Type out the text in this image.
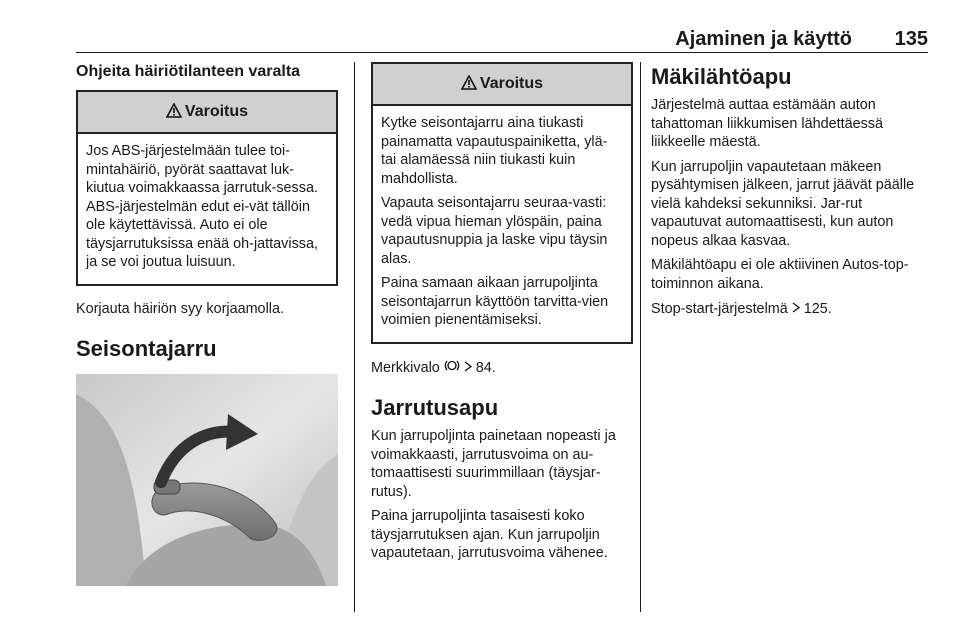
Ajaminen ja käyttö 135
Ohjeita häiriötilanteen varalta
Varoitus

Jos ABS-järjestelmään tulee toi-mintahäiriö, pyörät saattavat luk-kiutua voimakkaassa jarrutuk-sessa. ABS-järjestelmän edut ei-vät tällöin ole käytettävissä. Auto ei ole täysjarrutuksissa enää oh-jattavissa, ja se voi joutua luisuun.

Korjauta häiriön syy korjaamolla.

Seisontajarru
Varoitus

Kytke seisontajarru aina tiukasti painamatta vapautuspainiketta, ylä- tai alamäessä niin tiukasti kuin mahdollista.

Vapauta seisontajarru seuraa-vasti: vedä vipua hieman ylöspäin, paina vapautusnuppia ja laske vipu täysin alas.

Paina samaan aikaan jarrupoljinta seisontajarrun käyttöön tarvitta-vien voimien pienentämiseksi.

Merkkivalo	84.

Jarrutusapu

Kun jarrupoljinta painetaan nopeasti ja voimakkaasti, jarrutusvoima on au-tomaattisesti suurimmillaan (täysjar-rutus).

Paina jarrupoljinta tasaisesti koko täysjarrutuksen ajan. Kun jarrupoljin vapautetaan, jarrutusvoima vähenee.

Mäkilähtöapu

Järjestelmä auttaa estämään auton tahattoman liikkumisen lähdettäessä liikkeelle mäestä.

Kun jarrupoljin vapautetaan mäkeen pysähtymisen jälkeen, jarrut jäävät päälle vielä kahdeksi sekunniksi. Jar-rut vapautuvat automaattisesti, kun auton nopeus alkaa kasvaa.

Mäkilähtöapu ei ole aktiivinen Autos-top-toiminnon aikana.

Stop-start-järjestelmä 125.
